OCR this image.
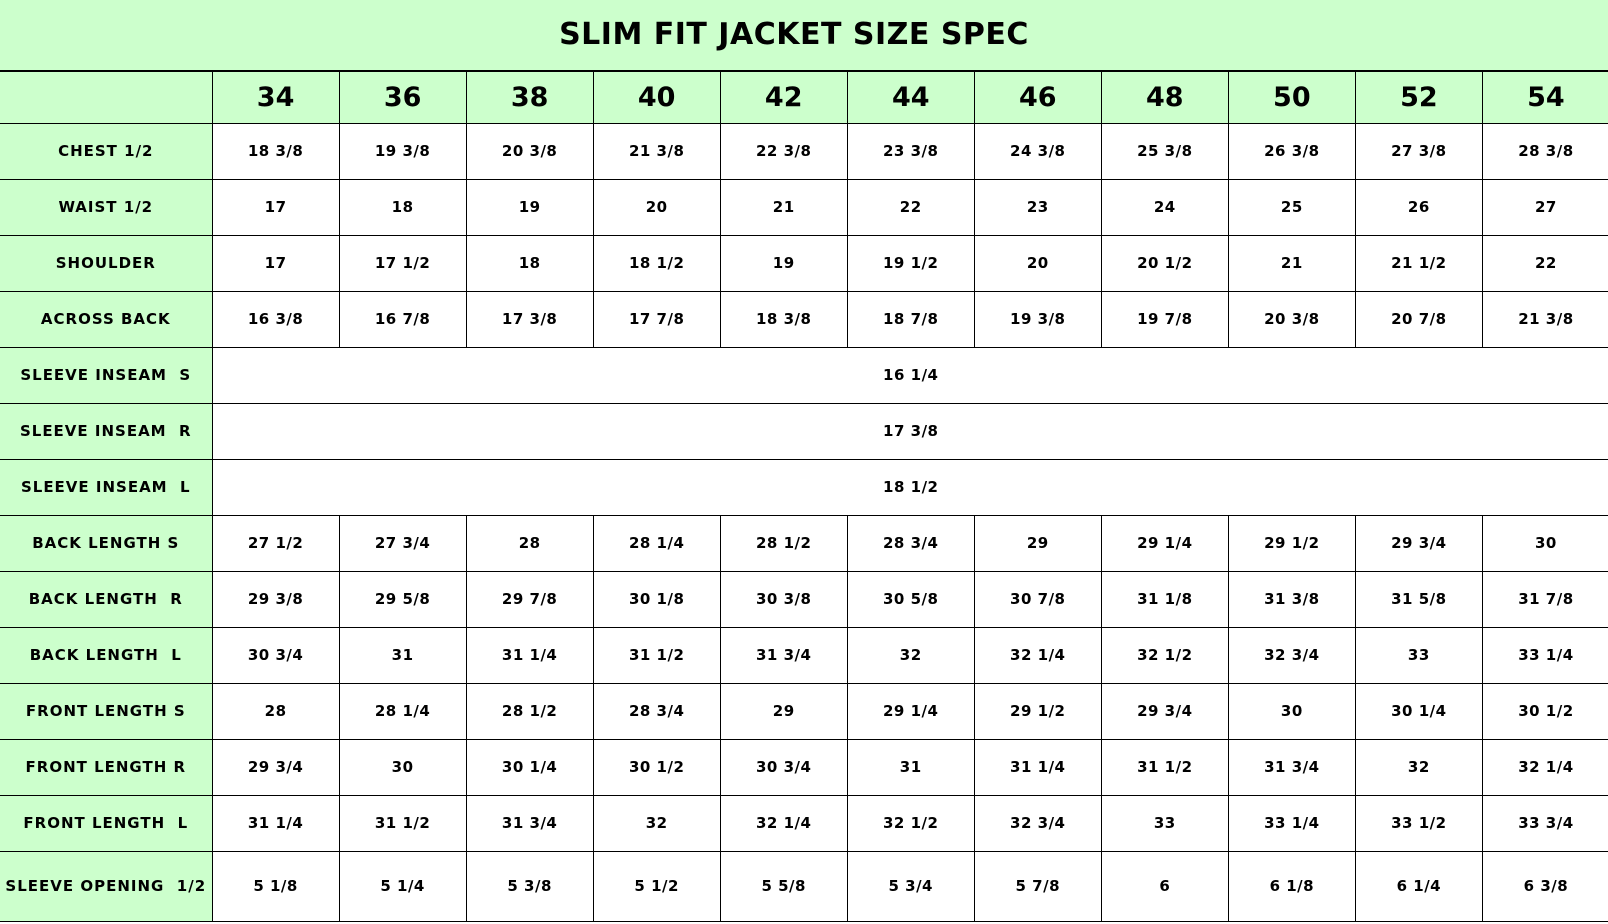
SLIM FIT JACKET SIZE SPEC
	34	36	38	40	42	44	46	48	50	52	54
CHEST 1/2	18 3/8	19 3/8	20 3/8	21 3/8	22 3/8	23 3/8	24 3/8	25 3/8	26 3/8	27 3/8	28 3/8
WAIST 1/2	17	18	19	20	21	22	23	24	25	26	27
SHOULDER	17	17 1/2	18	18 1/2	19	19 1/2	20	20 1/2	21	21 1/2	22
ACROSS BACK	16 3/8	16 7/8	17 3/8	17 7/8	18 3/8	18 7/8	19 3/8	19 7/8	20 3/8	20 7/8	21 3/8
SLEEVE INSEAM  S	16 1/4										
SLEEVE INSEAM  R	17 3/8										
SLEEVE INSEAM  L	18 1/2										
BACK LENGTH S	27 1/2	27 3/4	28	28 1/4	28 1/2	28 3/4	29	29 1/4	29 1/2	29 3/4	30
BACK LENGTH  R	29 3/8	29 5/8	29 7/8	30 1/8	30 3/8	30 5/8	30 7/8	31 1/8	31 3/8	31 5/8	31 7/8
BACK LENGTH  L	30 3/4	31	31 1/4	31 1/2	31 3/4	32	32 1/4	32 1/2	32 3/4	33	33 1/4
FRONT LENGTH S	28	28 1/4	28 1/2	28 3/4	29	29 1/4	29 1/2	29 3/4	30	30 1/4	30 1/2
FRONT LENGTH R	29 3/4	30	30 1/4	30 1/2	30 3/4	31	31 1/4	31 1/2	31 3/4	32	32 1/4
FRONT LENGTH  L	31 1/4	31 1/2	31 3/4	32	32 1/4	32 1/2	32 3/4	33	33 1/4	33 1/2	33 3/4
SLEEVE OPENING  1/2	5 1/8	5 1/4	5 3/8	5 1/2	5 5/8	5 3/4	5 7/8	6	6 1/8	6 1/4	6 3/8
